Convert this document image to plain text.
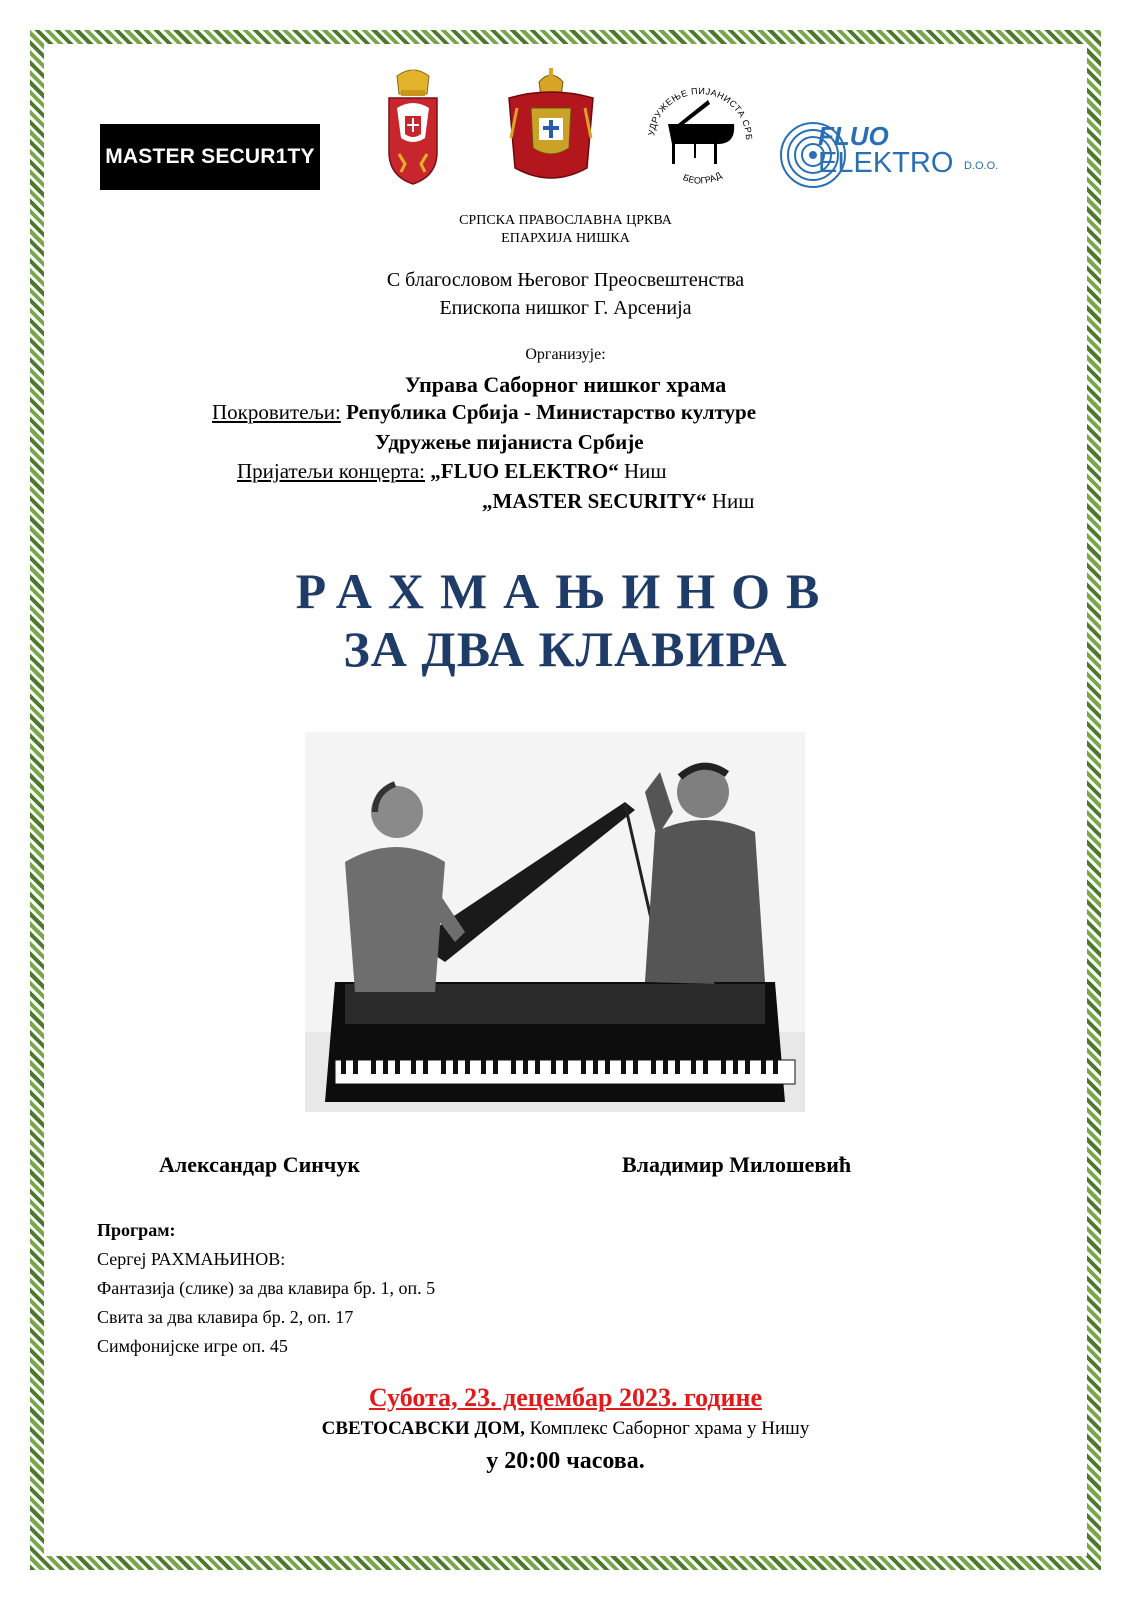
MASTER SECUR1TY
УДРУЖЕЊЕ ПИЈАНИСТА СРБ
БЕОГРАД
FLUO
ELEKTRO D.O.O.
СРПСКА ПРАВОСЛАВНА ЦРКВА
ЕПАРХИЈА НИШКА
С благословом Његовог Преосвештенства
Епископа нишког Г. Арсенија
Организује:
Управа Саборног нишког храма
Покровитељи: Република Србија - Министарство културе
Удружење пијаниста Србије
Пријатељи концерта: „FLUO ELEKTRO“ Ниш
„MASTER SECURITY“ Ниш
РАХМАЊИНОВ
ЗА ДВА КЛАВИРА
Александар Синчук	Владимир Милошевић
Програм:
Сергеј РАХМАЊИНОВ:
Фантазија (слике) за два клавира бр. 1, оп. 5
Свита за два клавира бр. 2, оп. 17
Симфонијске игре оп. 45
Субота, 23. децембар 2023. године
СВЕТОСАВСКИ ДОМ, Комплекс Саборног храма у Нишу
у 20:00 часова.
